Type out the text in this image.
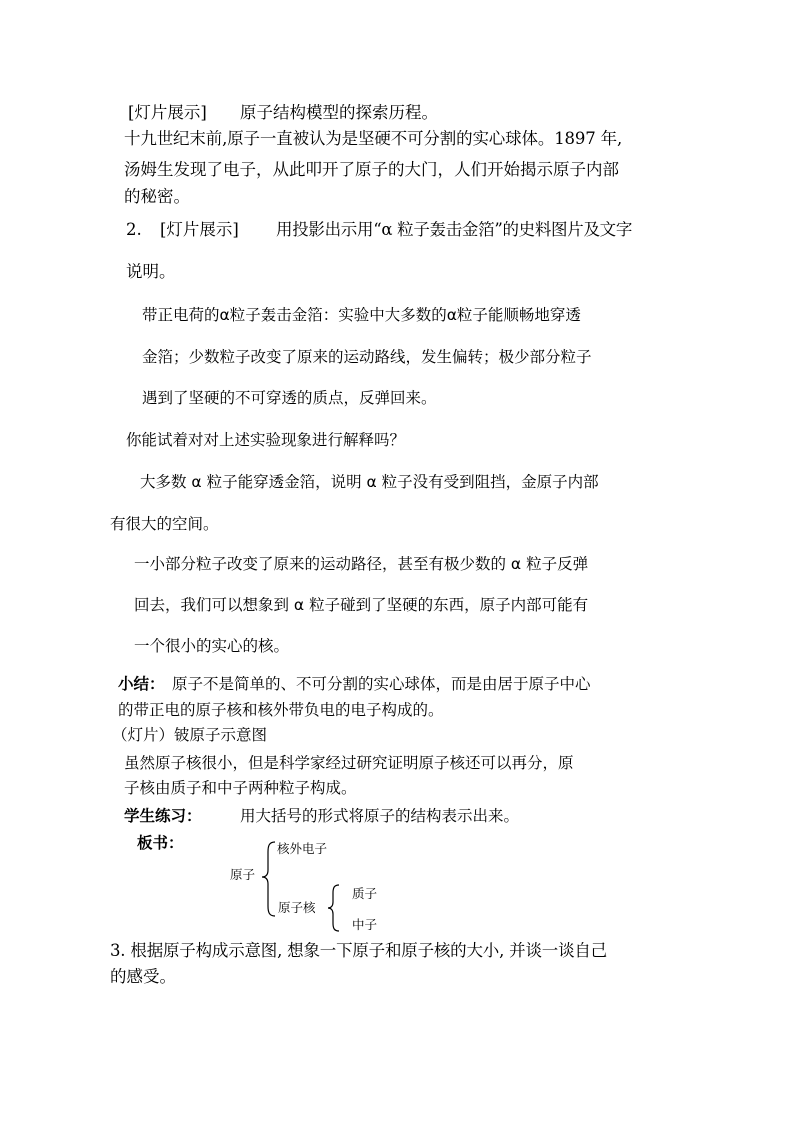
[灯片展示] 原子结构模型的探索历程。
十九世纪末前,原子一直被认为是坚硬不可分割的实心球体。1897 年,
汤姆生发现了电子，从此叩开了原子的大门，人们开始揭示原子内部
的秘密。
2. [灯片展示] 用投影出示用“α 粒子轰击金箔”的史料图片及文字
说明。
带正电荷的α粒子轰击金箔：实验中大多数的α粒子能顺畅地穿透
金箔；少数粒子改变了原来的运动路线，发生偏转；极少部分粒子
遇到了坚硬的不可穿透的质点，反弹回来。
你能试着对对上述实验现象进行解释吗？
大多数 α 粒子能穿透金箔，说明 α 粒子没有受到阻挡，金原子内部
有很大的空间。
一小部分粒子改变了原来的运动路径，甚至有极少数的 α 粒子反弹
回去，我们可以想象到 α 粒子碰到了坚硬的东西，原子内部可能有
一个很小的实心的核。
小结： 原子不是简单的、不可分割的实心球体，而是由居于原子中心
的带正电的原子核和核外带负电的电子构成的。
（灯片）铍原子示意图
虽然原子核很小，但是科学家经过研究证明原子核还可以再分，原
子核由质子和中子两种粒子构成。
学生练习： 用大括号的形式将原子的结构表示出来。
板书：
原子
核外电子
原子核
质子
中子
3. 根据原子构成示意图, 想象一下原子和原子核的大小, 并谈一谈自己
的感受。
